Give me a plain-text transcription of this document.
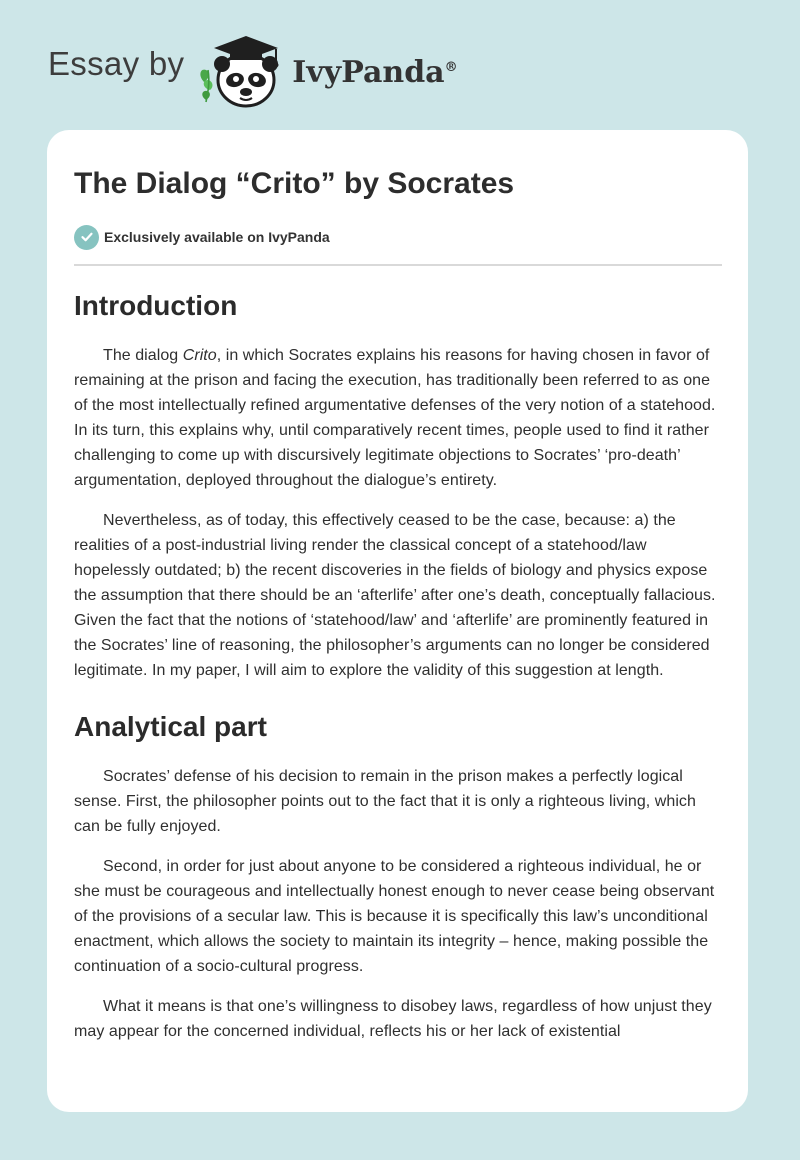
Essay by	IvyPanda®
The Dialog “Crito” by Socrates
Exclusively available on IvyPanda
Introduction

The dialog Crito, in which Socrates explains his reasons for having chosen in favor of remaining at the prison and facing the execution, has traditionally been referred to as one of the most intellectually refined argumentative defenses of the very notion of a statehood. In its turn, this explains why, until comparatively recent times, people used to find it rather challenging to come up with discursively legitimate objections to Socrates’ ‘pro-death’ argumentation, deployed throughout the dialogue’s entirety.

Nevertheless, as of today, this effectively ceased to be the case, because: a) the realities of a post-industrial living render the classical concept of a statehood/law hopelessly outdated; b) the recent discoveries in the fields of biology and physics expose the assumption that there should be an ‘afterlife’ after one’s death, conceptually fallacious. Given the fact that the notions of ‘statehood/law’ and ‘afterlife’ are prominently featured in the Socrates’ line of reasoning, the philosopher’s arguments can no longer be considered legitimate. In my paper, I will aim to explore the validity of this suggestion at length.

Analytical part

Socrates’ defense of his decision to remain in the prison makes a perfectly logical sense. First, the philosopher points out to the fact that it is only a righteous living, which can be fully enjoyed.

Second, in order for just about anyone to be considered a righteous individual, he or she must be courageous and intellectually honest enough to never cease being observant of the provisions of a secular law. This is because it is specifically this law’s unconditional enactment, which allows the society to maintain its integrity – hence, making possible the continuation of a socio-cultural progress.

What it means is that one’s willingness to disobey laws, regardless of how unjust they may appear for the concerned individual, reflects his or her lack of existential
